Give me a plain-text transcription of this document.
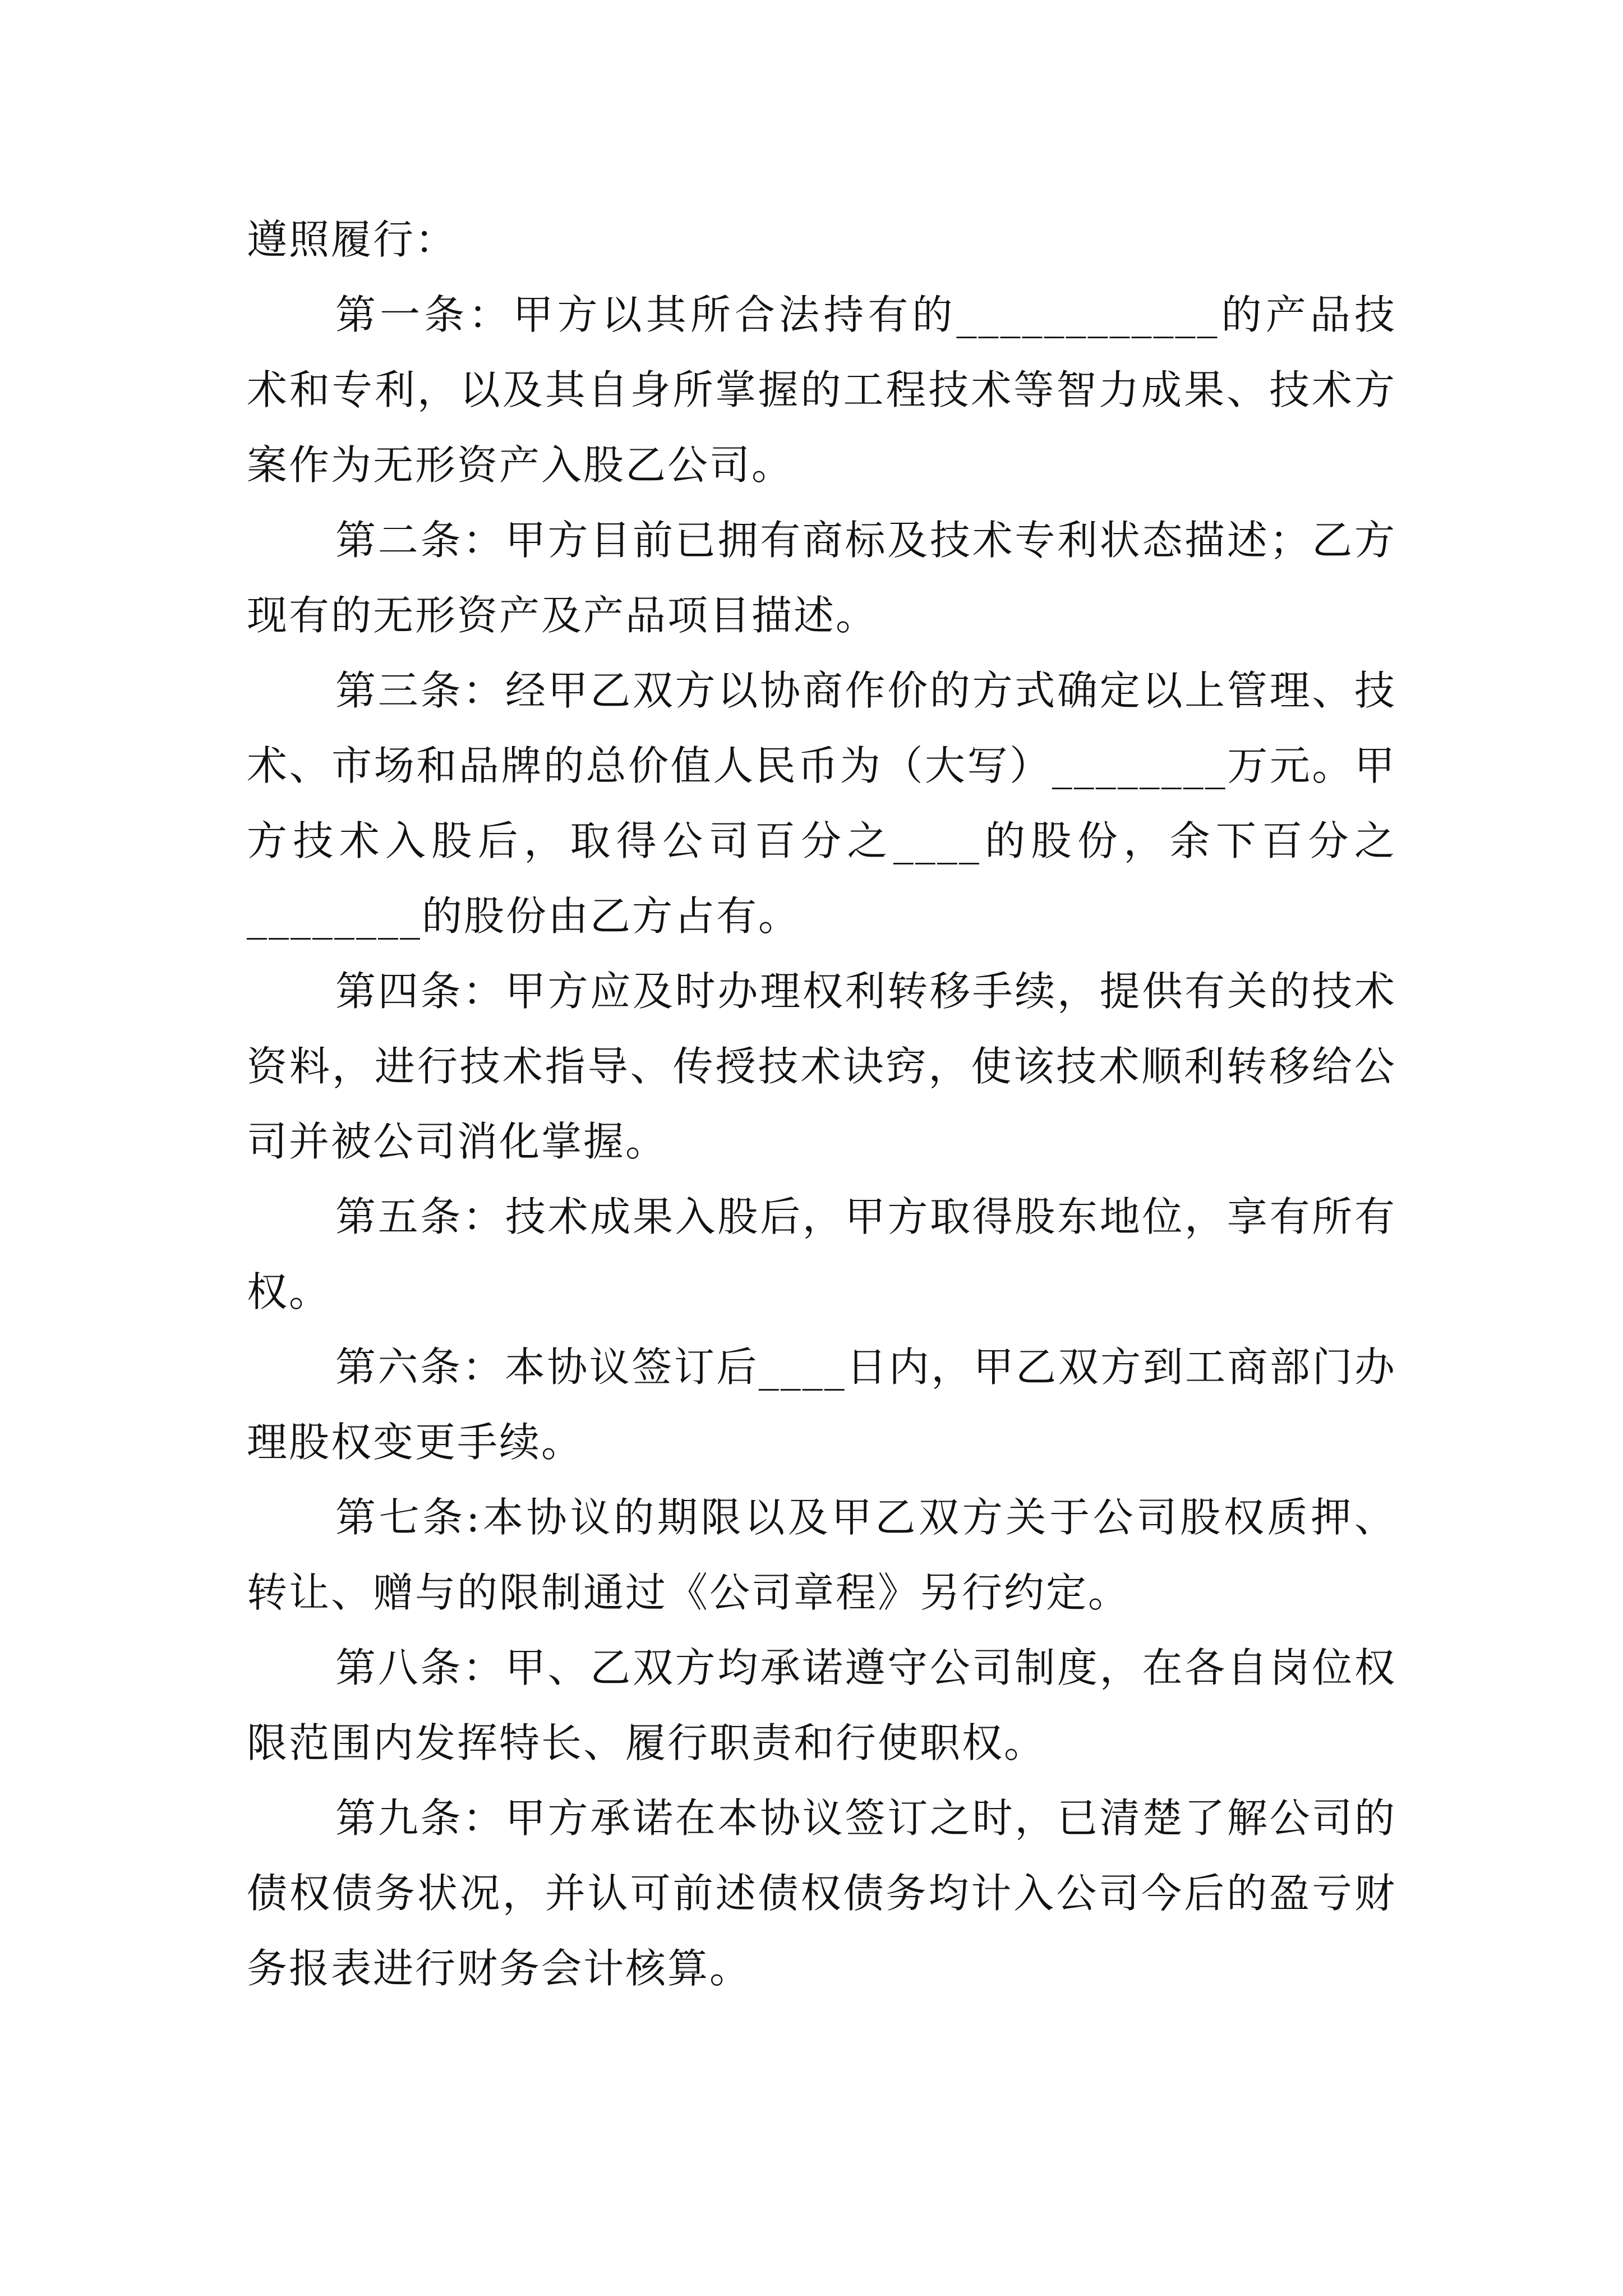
遵照履行：

第一条：甲方以其所合法持有的____________的产品技术和专利，以及其自身所掌握的工程技术等智力成果、技术方案作为无形资产入股乙公司。

第二条：甲方目前已拥有商标及技术专利状态描述；乙方现有的无形资产及产品项目描述。

第三条：经甲乙双方以协商作价的方式确定以上管理、技术、市场和品牌的总价值人民币为（大写）________万元。甲方技术入股后，取得公司百分之____的股份，余下百分之________的股份由乙方占有。

第四条：甲方应及时办理权利转移手续，提供有关的技术资料，进行技术指导、传授技术诀窍，使该技术顺利转移给公司并被公司消化掌握。

第五条：技术成果入股后，甲方取得股东地位，享有所有权。

第六条：本协议签订后____日内，甲乙双方到工商部门办理股权变更手续。

第七条:本协议的期限以及甲乙双方关于公司股权质押、转让、赠与的限制通过《公司章程》另行约定。

第八条：甲、乙双方均承诺遵守公司制度，在各自岗位权限范围内发挥特长、履行职责和行使职权。

第九条：甲方承诺在本协议签订之时，已清楚了解公司的债权债务状况，并认可前述债权债务均计入公司今后的盈亏财务报表进行财务会计核算。
